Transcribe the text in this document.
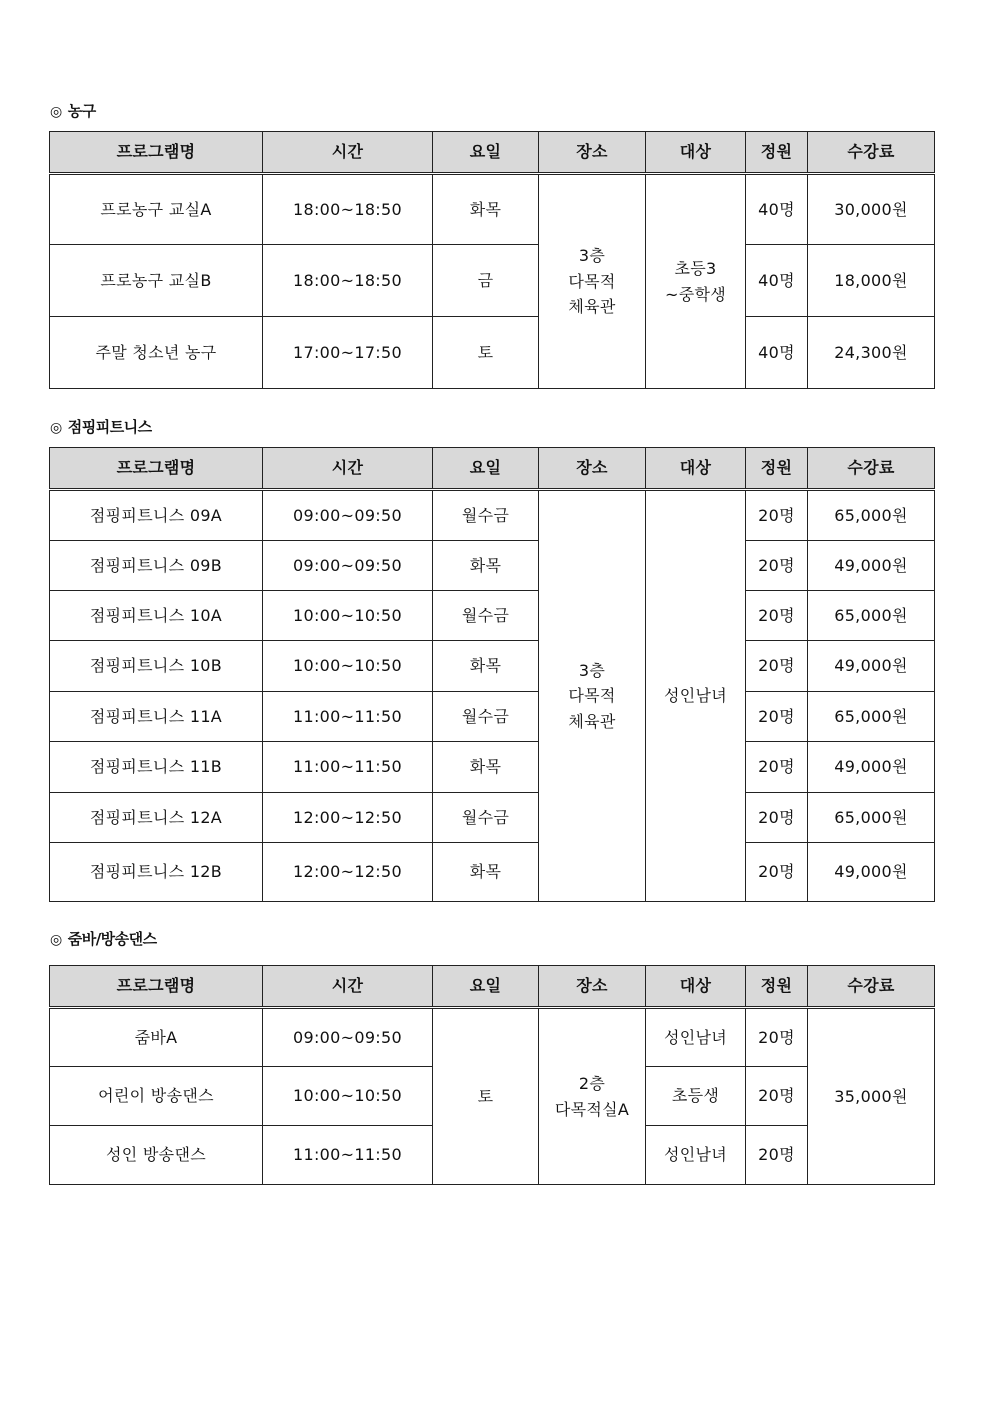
◎ 농구
프로그램명	시간	요일	장소	대상	정원	수강료
프로농구 교실A	18:00~18:50	화목	3층
다목적
체육관	초등3
~중학생	40명	30,000원
프로농구 교실B	18:00~18:50	금			40명	18,000원
주말 청소년 농구	17:00~17:50	토			40명	24,300원
◎ 점핑피트니스
프로그램명	시간	요일	장소	대상	정원	수강료
점핑피트니스 09A	09:00~09:50	월수금	3층
다목적
체육관	성인남녀	20명	65,000원
점핑피트니스 09B	09:00~09:50	화목			20명	49,000원
점핑피트니스 10A	10:00~10:50	월수금			20명	65,000원
점핑피트니스 10B	10:00~10:50	화목			20명	49,000원
점핑피트니스 11A	11:00~11:50	월수금			20명	65,000원
점핑피트니스 11B	11:00~11:50	화목			20명	49,000원
점핑피트니스 12A	12:00~12:50	월수금			20명	65,000원
점핑피트니스 12B	12:00~12:50	화목			20명	49,000원
◎ 줌바/방송댄스
프로그램명	시간	요일	장소	대상	정원	수강료
줌바A	09:00~09:50	토	2층
다목적실A	성인남녀	20명	35,000원
어린이 방송댄스	10:00~10:50			초등생	20명	
성인 방송댄스	11:00~11:50			성인남녀	20명	
